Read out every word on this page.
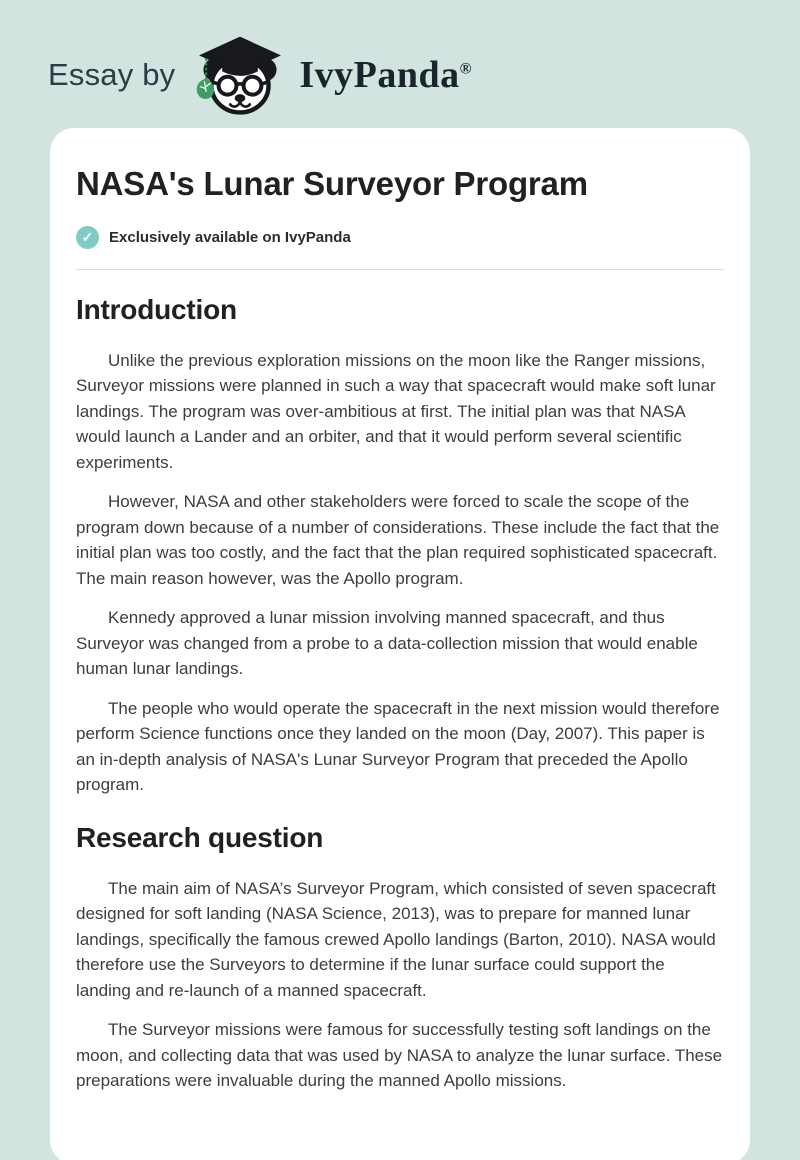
Essay by	IvyPanda®
NASA's Lunar Surveyor Program
✓	Exclusively available on IvyPanda
Introduction

Unlike the previous exploration missions on the moon like the Ranger missions, Surveyor missions were planned in such a way that spacecraft would make soft lunar landings. The program was over-ambitious at first. The initial plan was that NASA would launch a Lander and an orbiter, and that it would perform several scientific experiments.

However, NASA and other stakeholders were forced to scale the scope of the program down because of a number of considerations. These include the fact that the initial plan was too costly, and the fact that the plan required sophisticated spacecraft. The main reason however, was the Apollo program.

Kennedy approved a lunar mission involving manned spacecraft, and thus Surveyor was changed from a probe to a data-collection mission that would enable human lunar landings.

The people who would operate the spacecraft in the next mission would therefore perform Science functions once they landed on the moon (Day, 2007). This paper is an in-depth analysis of NASA's Lunar Surveyor Program that preceded the Apollo program.

Research question

The main aim of NASA’s Surveyor Program, which consisted of seven spacecraft designed for soft landing (NASA Science, 2013), was to prepare for manned lunar landings, specifically the famous crewed Apollo landings (Barton, 2010). NASA would therefore use the Surveyors to determine if the lunar surface could support the landing and re-launch of a manned spacecraft.

The Surveyor missions were famous for successfully testing soft landings on the moon, and collecting data that was used by NASA to analyze the lunar surface. These preparations were invaluable during the manned Apollo missions.
